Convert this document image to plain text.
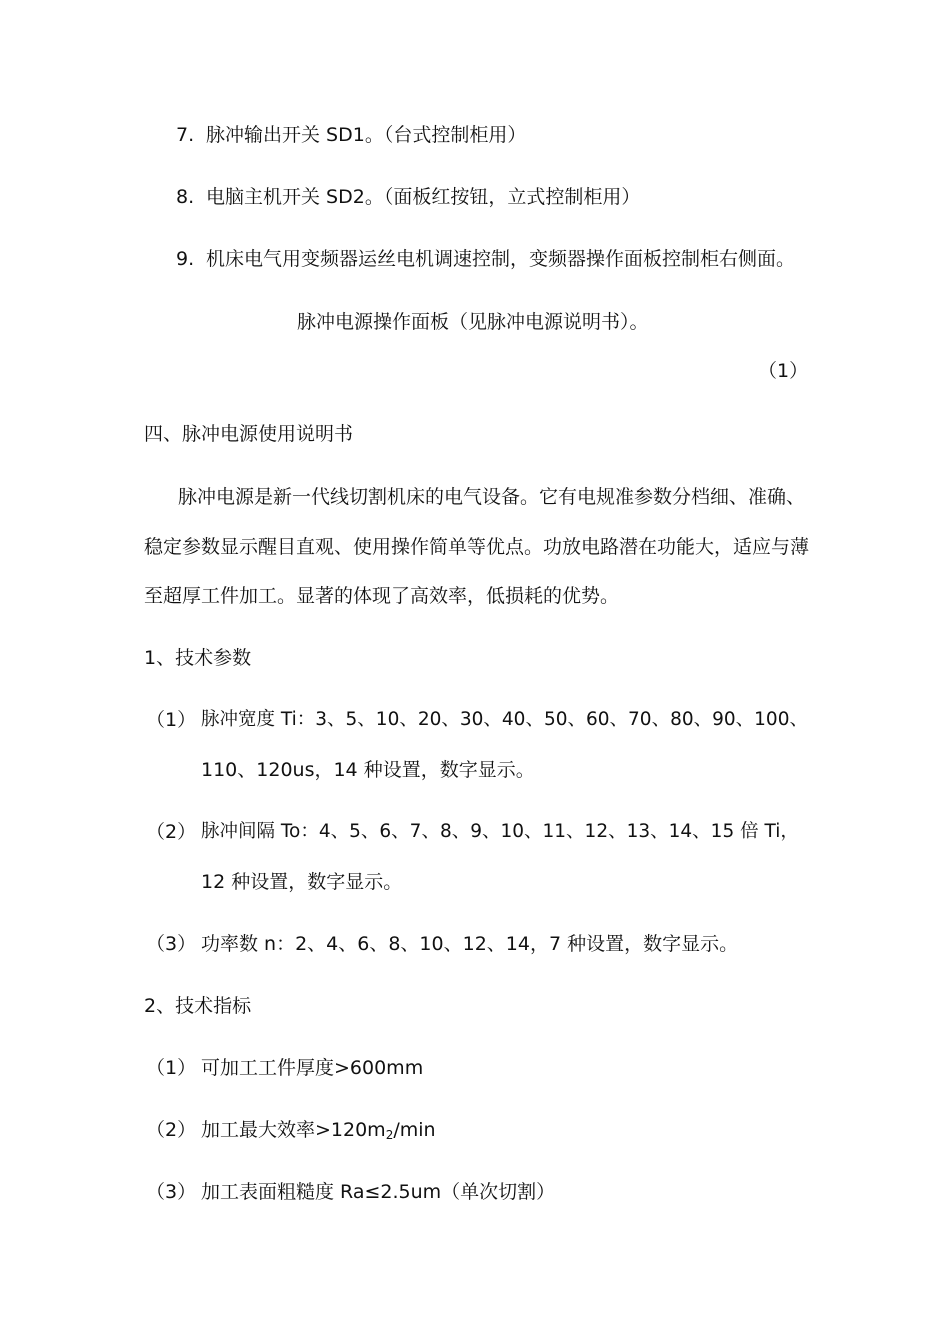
7. 脉冲输出开关 SD1。（台式控制柜用）
8. 电脑主机开关 SD2。（面板红按钮，立式控制柜用）
9. 机床电气用变频器运丝电机调速控制，变频器操作面板控制柜右侧面。
脉冲电源操作面板（见脉冲电源说明书）。
（1）
四、脉冲电源使用说明书
脉冲电源是新一代线切割机床的电气设备。它有电规准参数分档细、准确、
稳定参数显示醒目直观、使用操作简单等优点。功放电路潜在功能大，适应与薄
至超厚工件加工。显著的体现了高效率，低损耗的优势。
1、技术参数
（1） 脉冲宽度 Ti：3、5、10、20、30、40、50、60、70、80、90、100、
110、120us，14 种设置，数字显示。
（2） 脉冲间隔 To：4、5、6、7、8、9、10、11、12、13、14、15 倍 Ti，
12 种设置，数字显示。
（3） 功率数 n：2、4、6、8、10、12、14，7 种设置，数字显示。
2、技术指标
（1） 可加工工件厚度>600mm
（2） 加工最大效率$>120m_2/\min$
（3） 加工表面粗糙度 Ra≤2.5um（单次切割）
